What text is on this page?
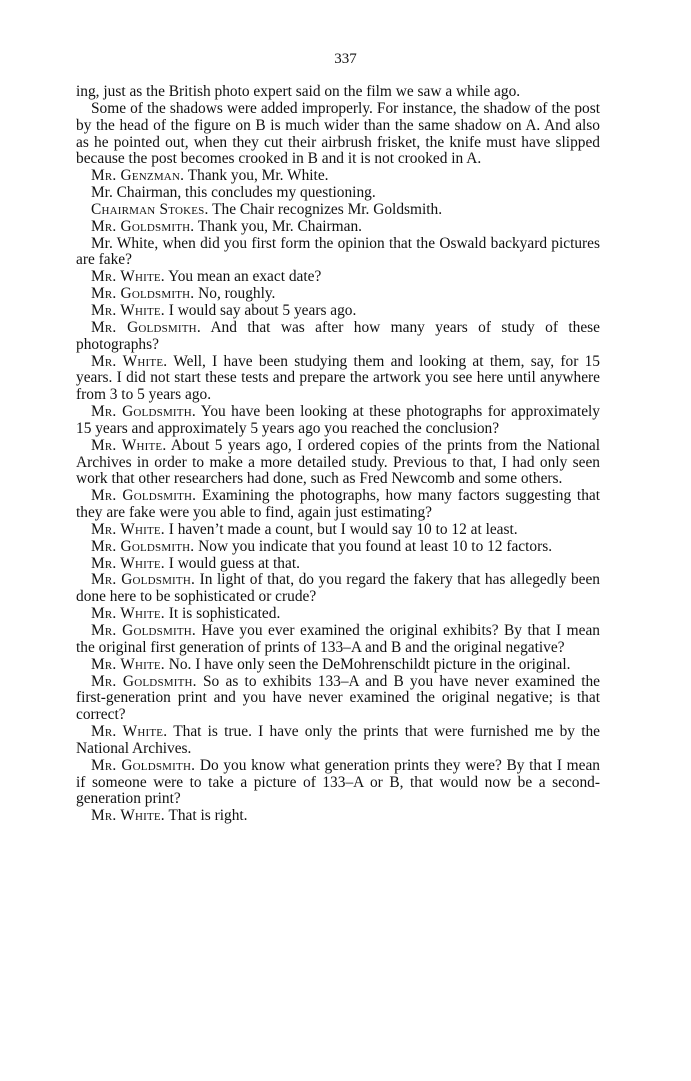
337

ing, just as the British photo expert said on the film we saw a while ago.

Some of the shadows were added improperly. For instance, the shadow of the post by the head of the figure on B is much wider than the same shadow on A. And also as he pointed out, when they cut their airbrush frisket, the knife must have slipped because the post becomes crooked in B and it is not crooked in A.

Mr. Genzman. Thank you, Mr. White.

Mr. Chairman, this concludes my questioning.

Chairman Stokes. The Chair recognizes Mr. Goldsmith.

Mr. Goldsmith. Thank you, Mr. Chairman.

Mr. White, when did you first form the opinion that the Oswald backyard pictures are fake?

Mr. White. You mean an exact date?

Mr. Goldsmith. No, roughly.

Mr. White. I would say about 5 years ago.

Mr. Goldsmith. And that was after how many years of study of these photographs?

Mr. White. Well, I have been studying them and looking at them, say, for 15 years. I did not start these tests and prepare the artwork you see here until anywhere from 3 to 5 years ago.

Mr. Goldsmith. You have been looking at these photographs for approximately 15 years and approximately 5 years ago you reached the conclusion?

Mr. White. About 5 years ago, I ordered copies of the prints from the National Archives in order to make a more detailed study. Previous to that, I had only seen work that other researchers had done, such as Fred Newcomb and some others.

Mr. Goldsmith. Examining the photographs, how many factors suggesting that they are fake were you able to find, again just estimating?

Mr. White. I haven’t made a count, but I would say 10 to 12 at least.

Mr. Goldsmith. Now you indicate that you found at least 10 to 12 factors.

Mr. White. I would guess at that.

Mr. Goldsmith. In light of that, do you regard the fakery that has allegedly been done here to be sophisticated or crude?

Mr. White. It is sophisticated.

Mr. Goldsmith. Have you ever examined the original exhibits? By that I mean the original first generation of prints of 133–A and B and the original negative?

Mr. White. No. I have only seen the DeMohrenschildt picture in the original.

Mr. Goldsmith. So as to exhibits 133–A and B you have never examined the first-generation print and you have never examined the original negative; is that correct?

Mr. White. That is true. I have only the prints that were furnished me by the National Archives.

Mr. Goldsmith. Do you know what generation prints they were? By that I mean if someone were to take a picture of 133–A or B, that would now be a second-generation print?

Mr. White. That is right.
